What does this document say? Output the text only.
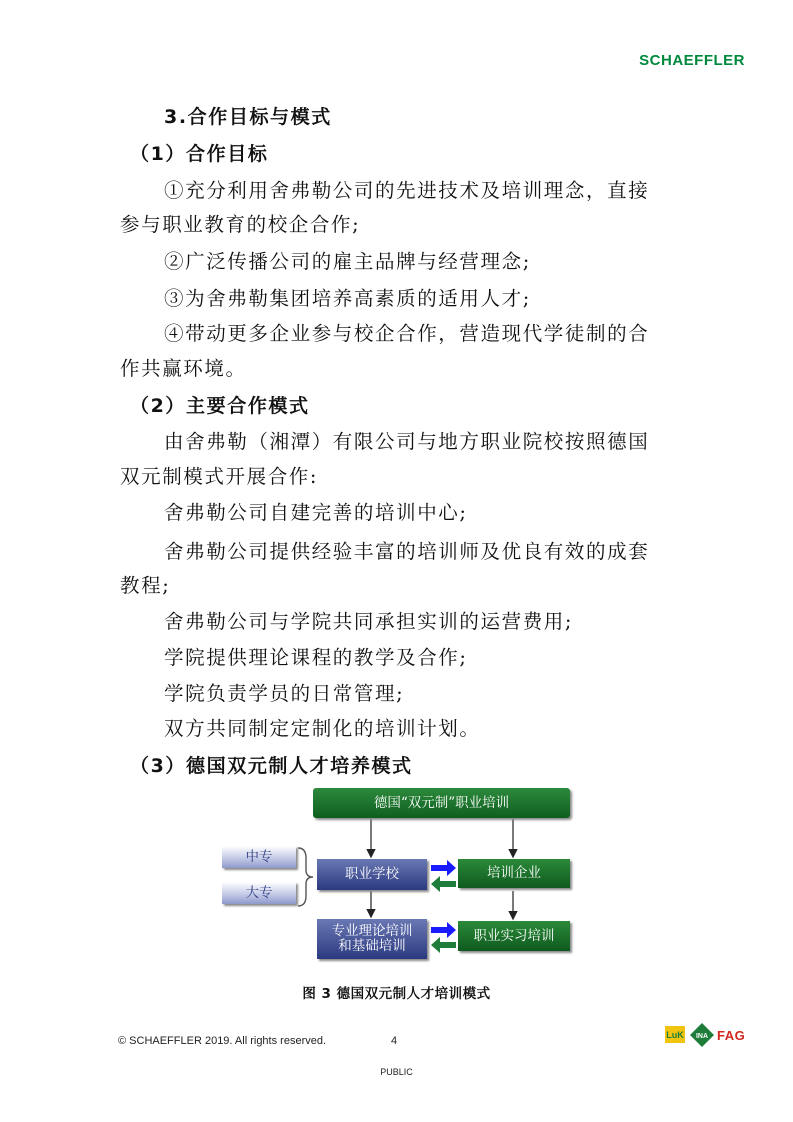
SCHAEFFLER
3.合作目标与模式
（1）合作目标
①充分利用舍弗勒公司的先进技术及培训理念，直接
参与职业教育的校企合作;
②广泛传播公司的雇主品牌与经营理念;
③为舍弗勒集团培养高素质的适用人才;
④带动更多企业参与校企合作，营造现代学徒制的合
作共赢环境。
（2）主要合作模式
由舍弗勒（湘潭）有限公司与地方职业院校按照德国
双元制模式开展合作:
舍弗勒公司自建完善的培训中心;
舍弗勒公司提供经验丰富的培训师及优良有效的成套
教程;
舍弗勒公司与学院共同承担实训的运营费用;
学院提供理论课程的教学及合作;
学院负责学员的日常管理;
双方共同制定定制化的培训计划。
（3）德国双元制人才培养模式
德国“双元制”职业培训
中专
大专
职业学校	培训企业
专业理论培训
和基础培训
职业实习培训
图 3 德国双元制人才培训模式
© SCHAEFFLER 2019. All rights reserved.	4
PUBLIC
LuK INA FAG
